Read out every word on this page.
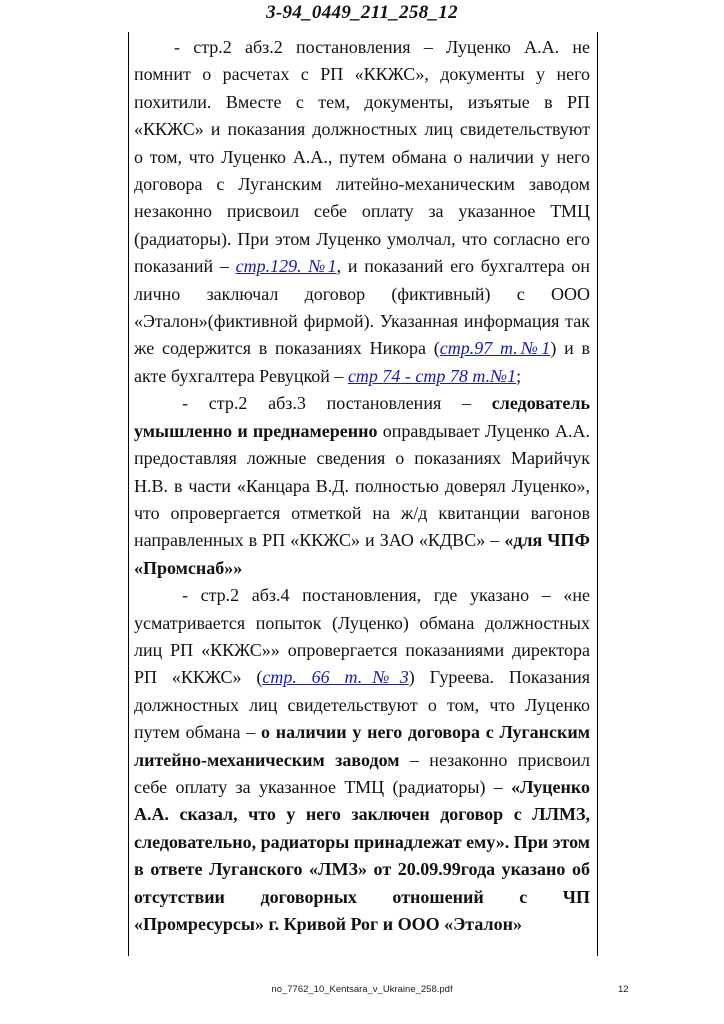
3-94_0449_211_258_12

- стр.2 абз.2 постановления – Луценко А.А. не помнит о расчетах с РП «ККЖС», документы у него похитили. Вместе с тем, документы, изъятые в РП «ККЖС» и показания должностных лиц свидетельствуют о том, что Луценко А.А., путем обмана о наличии у него договора с Луганским литейно-механическим заводом незаконно присвоил себе оплату за указанное ТМЦ (радиаторы). При этом Луценко умолчал, что согласно его показаний – стр.129. №1, и показаний его бухгалтера он лично заключал договор (фиктивный) с ООО «Эталон»(фиктивной фирмой). Указанная информация так же содержится в показаниях Никора (стр.97 т.№1) и в акте бухгалтера Ревуцкой – стр 74 - стр 78 т.№1;

- стр.2 абз.3 постановления – следователь умышленно и преднамеренно оправдывает Луценко А.А. предоставляя ложные сведения о показаниях Марийчук Н.В. в части «Канцара В.Д. полностью доверял Луценко», что опровергается отметкой на ж/д квитанции вагонов направленных в РП «ККЖС» и ЗАО «КДВС» – «для ЧПФ «Промснаб»»

- стр.2 абз.4 постановления, где указано – «не усматривается попыток (Луценко) обмана должностных лиц РП «ККЖС»» опровергается показаниями директора РП «ККЖС» (стр. 66 т.№3) Гуреева. Показания должностных лиц свидетельствуют о том, что Луценко путем обмана – о наличии у него договора с Луганским литейно-механическим заводом – незаконно присвоил себе оплату за указанное ТМЦ (радиаторы) – «Луценко А.А. сказал, что у него заключен договор с ЛЛМЗ, следовательно, радиаторы принадлежат ему». При этом в ответе Луганского «ЛМЗ» от 20.09.99года указано об отсутствии договорных отношений с ЧП «Промресурсы» г. Кривой Рог и ООО «Эталон»

no_7762_10_Kentsara_v_Ukraine_258.pdf	12
